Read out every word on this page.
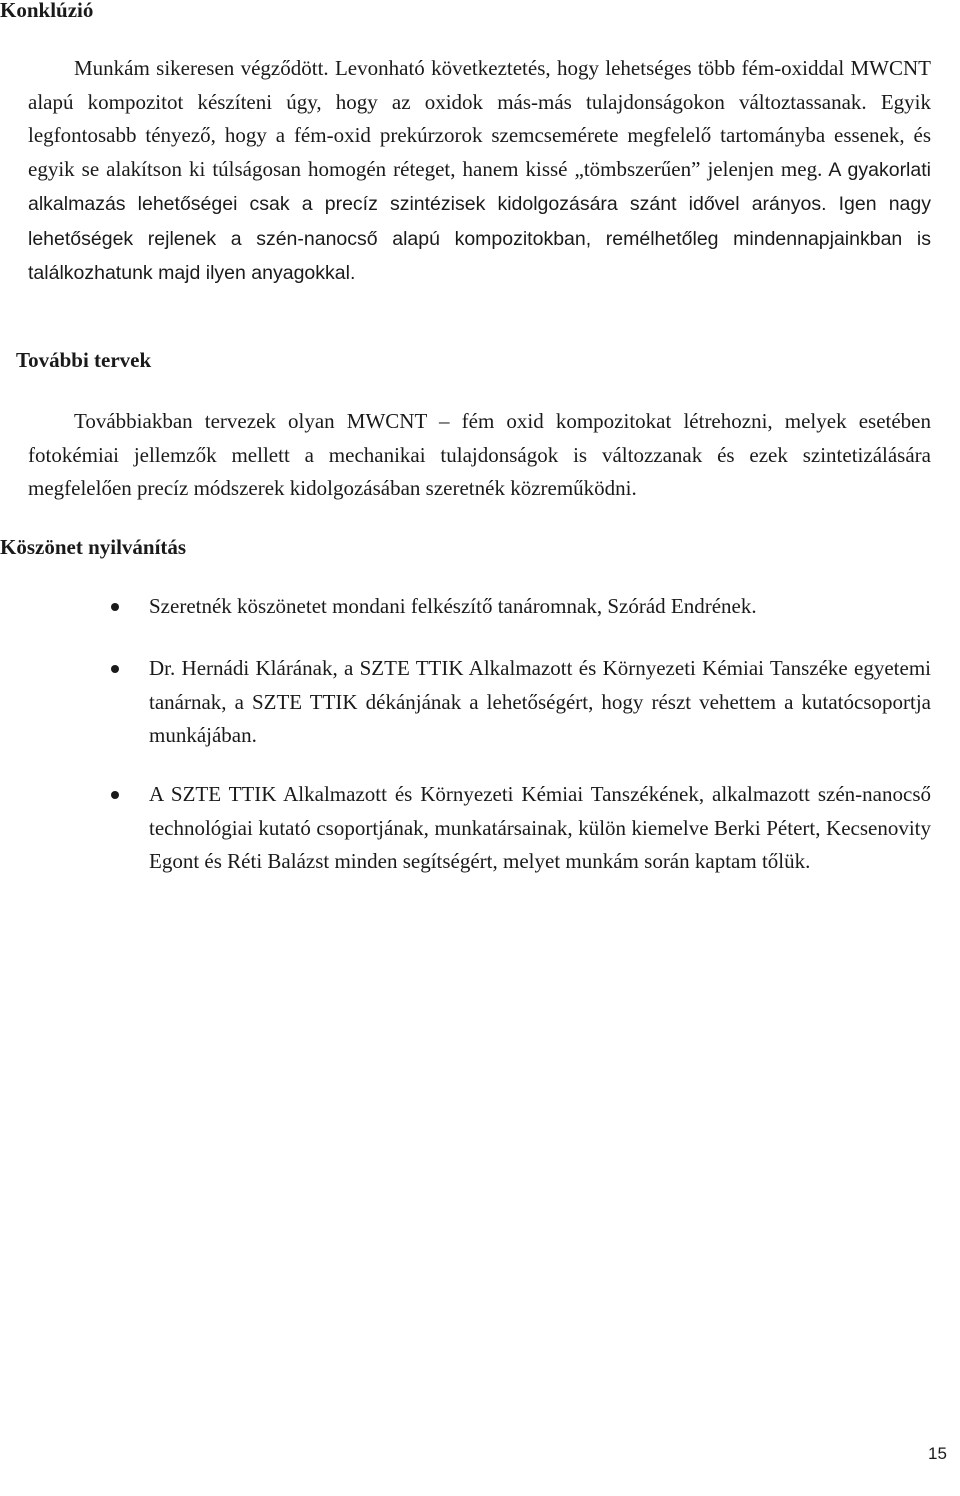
Konklúzió

Munkám sikeresen végződött. Levonható következtetés, hogy lehetséges több fém-oxiddal MWCNT alapú kompozitot készíteni úgy, hogy az oxidok más-más tulajdonságokon változtassanak. Egyik legfontosabb tényező, hogy a fém-oxid prekúrzorok szemcsemérete megfelelő tartományba essenek, és egyik se alakítson ki túlságosan homogén réteget, hanem kissé „tömbszerűen” jelenjen meg. A gyakorlati alkalmazás lehetőségei csak a precíz szintézisek kidolgozására szánt idővel arányos. Igen nagy lehetőségek rejlenek a szén-nanocső alapú kompozitokban, remélhetőleg mindennapjainkban is találkozhatunk majd ilyen anyagokkal.

További tervek

Továbbiakban tervezek olyan MWCNT – fém oxid kompozitokat létrehozni, melyek esetében fotokémiai jellemzők mellett a mechanikai tulajdonságok is változzanak és ezek szintetizálására megfelelően precíz módszerek kidolgozásában szeretnék közreműködni.

Köszönet nyilvánítás
Szeretnék köszönetet mondani felkészítő tanáromnak, Szórád Endrének.
Dr. Hernádi Klárának, a SZTE TTIK Alkalmazott és Környezeti Kémiai Tanszéke egyetemi tanárnak, a SZTE TTIK dékánjának a lehetőségért, hogy részt vehettem a kutatócsoportja munkájában.
A SZTE TTIK Alkalmazott és Környezeti Kémiai Tanszékének, alkalmazott szén-nanocső technológiai kutató csoportjának, munkatársainak, külön kiemelve Berki Pétert, Kecsenovity Egont és Réti Balázst minden segítségért, melyet munkám során kaptam tőlük.
15
